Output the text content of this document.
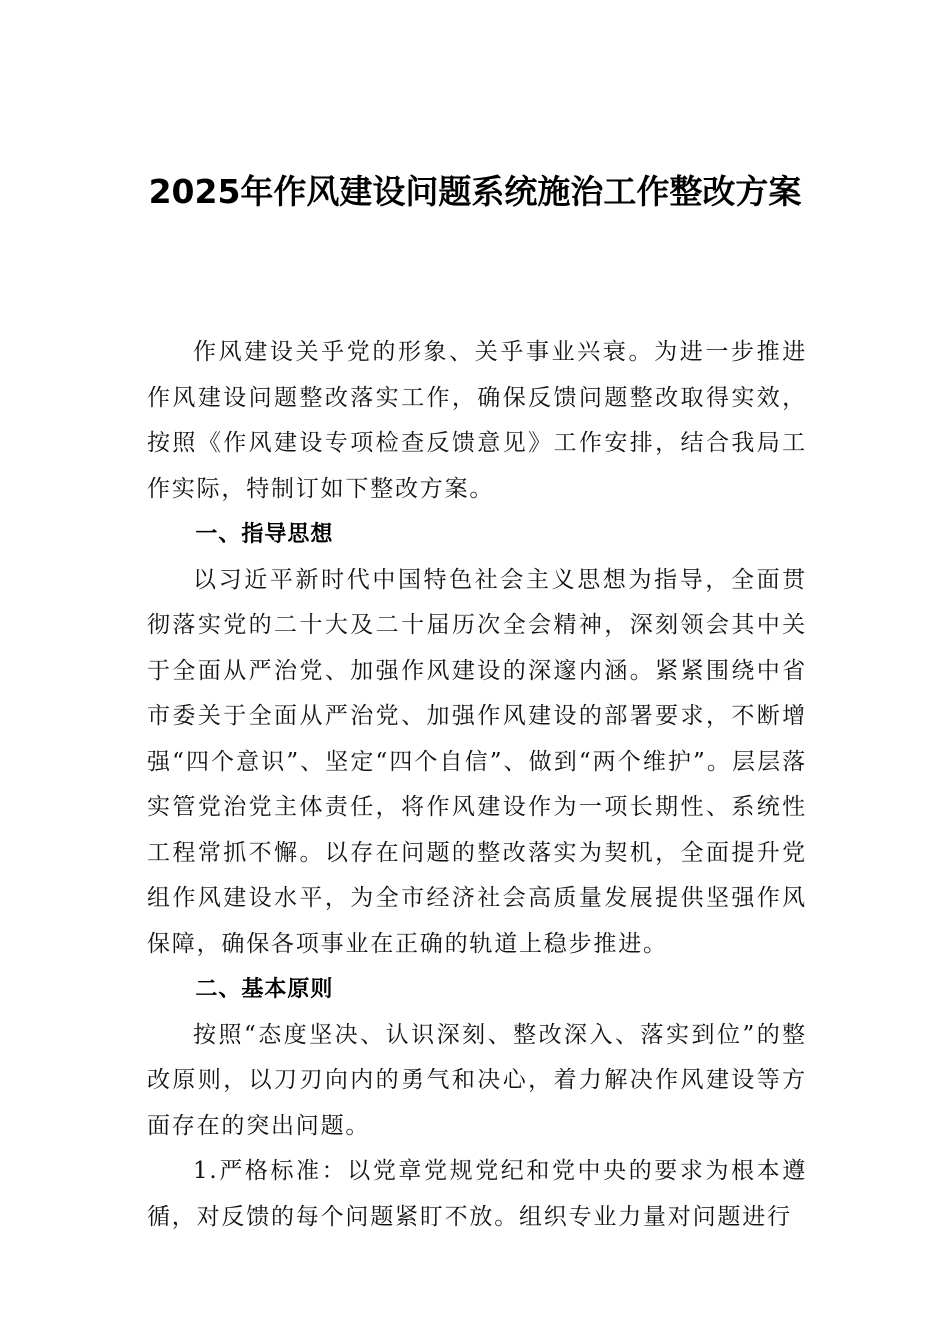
2025年作风建设问题系统施治工作整改方案

作风建设关乎党的形象、关乎事业兴衰。为进一步推进作风建设问题整改落实工作，确保反馈问题整改取得实效，按照《作风建设专项检查反馈意见》工作安排，结合我局工作实际，特制订如下整改方案。

一、指导思想

以习近平新时代中国特色社会主义思想为指导，全面贯彻落实党的二十大及二十届历次全会精神，深刻领会其中关于全面从严治党、加强作风建设的深邃内涵。紧紧围绕中省市委关于全面从严治党、加强作风建设的部署要求，不断增强“四个意识”、坚定“四个自信”、做到“两个维护”。层层落实管党治党主体责任，将作风建设作为一项长期性、系统性工程常抓不懈。以存在问题的整改落实为契机，全面提升党组作风建设水平，为全市经济社会高质量发展提供坚强作风保障，确保各项事业在正确的轨道上稳步推进。

二、基本原则

按照“态度坚决、认识深刻、整改深入、落实到位”的整改原则，以刀刃向内的勇气和决心，着力解决作风建设等方面存在的突出问题。

1.严格标准：以党章党规党纪和党中央的要求为根本遵循，对反馈的每个问题紧盯不放。组织专业力量对问题进行
